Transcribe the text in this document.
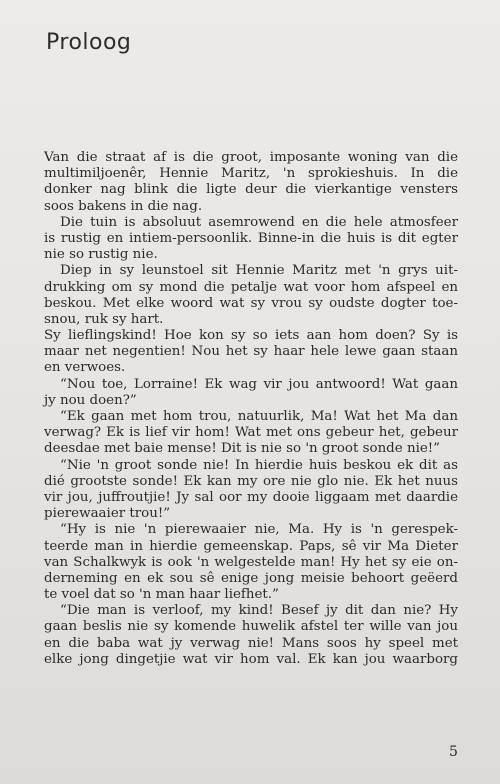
Proloog
Van die straat af is die groot, imposante woning van die
multimiljoenêr, Hennie Maritz, 'n sprokieshuis. In die
donker nag blink die ligte deur die vierkantige vensters
soos bakens in die nag.
Die tuin is absoluut asemrowend en die hele atmosfeer
is rustig en intiem-persoonlik. Binne-in die huis is dit egter
nie so rustig nie.
Diep in sy leunstoel sit Hennie Maritz met 'n grys uit-
drukking om sy mond die petalje wat voor hom afspeel en
beskou. Met elke woord wat sy vrou sy oudste dogter toe-
snou, ruk sy hart.
Sy liefl​ingskind! Hoe kon sy so iets aan hom doen? Sy is
maar net negentien! Nou het sy haar hele lewe gaan staan
en verwoes.
“Nou toe, Lorraine! Ek wag vir jou antwoord! Wat gaan
jy nou doen?”
“Ek gaan met hom trou, natuurlik, Ma! Wat het Ma dan
verwag? Ek is lief vir hom! Wat met ons gebeur het, gebeur
deesdae met baie mense! Dit is nie so 'n groot sonde nie!”
“Nie 'n groot sonde nie! In hierdie huis beskou ek dit as
dié grootste sonde! Ek kan my ore nie glo nie. Ek het nuus
vir jou, juffroutjie! Jy sal oor my dooie liggaam met daardie
pierewaaier trou!”
“Hy is nie 'n pierewaaier nie, Ma. Hy is 'n gerespek-
teerde man in hierdie gemeenskap. Paps, sê vir Ma Dieter
van Schalkwyk is ook 'n welgestelde man! Hy het sy eie on-
derneming en ek sou sê enige jong meisie behoort geëerd
te voel dat so 'n man haar liefhet.”
“Die man is verloof, my kind! Besef jy dit dan nie? Hy
gaan beslis nie sy komende huwelik afstel ter wille van jou
en die baba wat jy verwag nie! Mans soos hy speel met
elke jong dingetjie wat vir hom val. Ek kan jou waarborg
5
